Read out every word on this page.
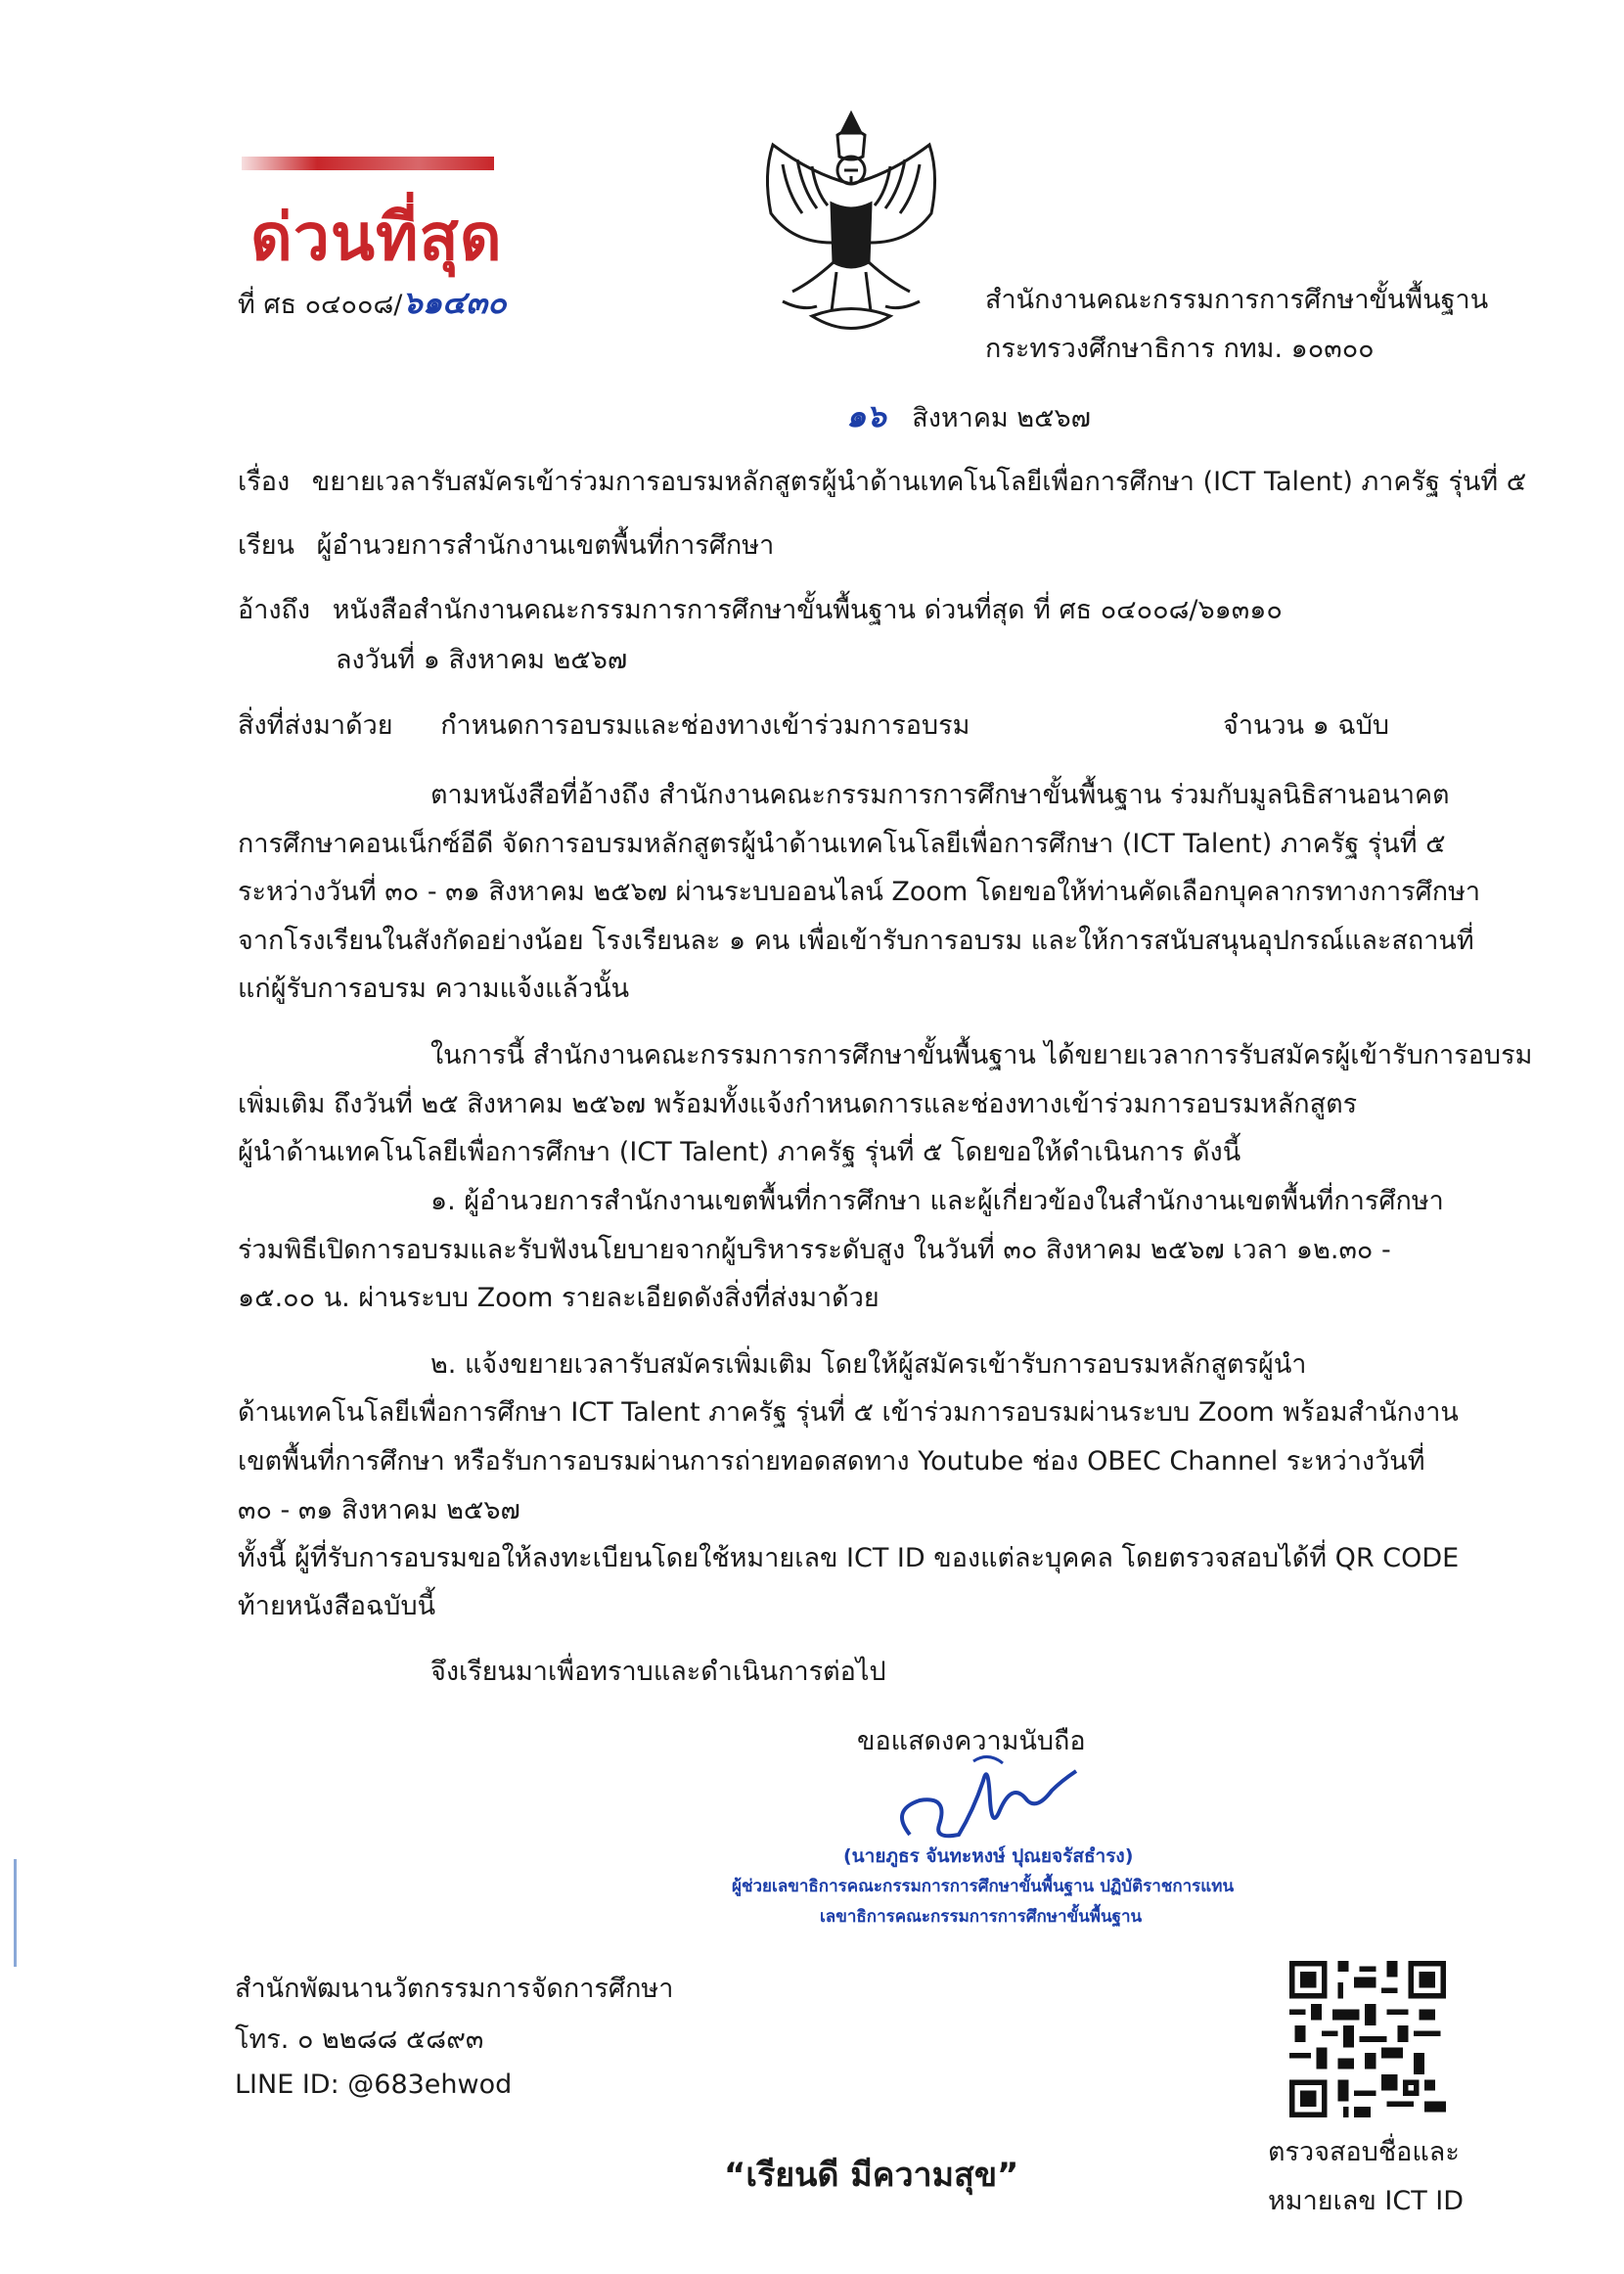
ด่วนที่สุด
ที่ ศธ ๐๔๐๐๘/๖๑๔๓๐	สำนักงานคณะกรรมการการศึกษาขั้นพื้นฐาน
กระทรวงศึกษาธิการ กทม. ๑๐๓๐๐
๑๖ สิงหาคม ๒๕๖๗
เรื่อง ขยายเวลารับสมัครเข้าร่วมการอบรมหลักสูตรผู้นำด้านเทคโนโลยีเพื่อการศึกษา (ICT Talent) ภาครัฐ รุ่นที่ ๕
เรียน ผู้อำนวยการสำนักงานเขตพื้นที่การศึกษา
อ้างถึง หนังสือสำนักงานคณะกรรมการการศึกษาขั้นพื้นฐาน ด่วนที่สุด ที่ ศธ ๐๔๐๐๘/๖๑๓๑๐
ลงวันที่ ๑ สิงหาคม ๒๕๖๗
สิ่งที่ส่งมาด้วย กำหนดการอบรมและช่องทางเข้าร่วมการอบรม	จำนวน ๑ ฉบับ
ตามหนังสือที่อ้างถึง สำนักงานคณะกรรมการการศึกษาขั้นพื้นฐาน ร่วมกับมูลนิธิสานอนาคต
การศึกษาคอนเน็กซ์อีดี จัดการอบรมหลักสูตรผู้นำด้านเทคโนโลยีเพื่อการศึกษา (ICT Talent) ภาครัฐ รุ่นที่ ๕
ระหว่างวันที่ ๓๐ - ๓๑ สิงหาคม ๒๕๖๗ ผ่านระบบออนไลน์ Zoom โดยขอให้ท่านคัดเลือกบุคลากรทางการศึกษา
จากโรงเรียนในสังกัดอย่างน้อย โรงเรียนละ ๑ คน เพื่อเข้ารับการอบรม และให้การสนับสนุนอุปกรณ์และสถานที่
แก่ผู้รับการอบรม ความแจ้งแล้วนั้น
ในการนี้ สำนักงานคณะกรรมการการศึกษาขั้นพื้นฐาน ได้ขยายเวลาการรับสมัครผู้เข้ารับการอบรม
เพิ่มเติม ถึงวันที่ ๒๕ สิงหาคม ๒๕๖๗ พร้อมทั้งแจ้งกำหนดการและช่องทางเข้าร่วมการอบรมหลักสูตร
ผู้นำด้านเทคโนโลยีเพื่อการศึกษา (ICT Talent) ภาครัฐ รุ่นที่ ๕ โดยขอให้ดำเนินการ ดังนี้
๑. ผู้อำนวยการสำนักงานเขตพื้นที่การศึกษา และผู้เกี่ยวข้องในสำนักงานเขตพื้นที่การศึกษา
ร่วมพิธีเปิดการอบรมและรับฟังนโยบายจากผู้บริหารระดับสูง ในวันที่ ๓๐ สิงหาคม ๒๕๖๗ เวลา ๑๒.๓๐ -
๑๕.๐๐ น. ผ่านระบบ Zoom รายละเอียดดังสิ่งที่ส่งมาด้วย
๒. แจ้งขยายเวลารับสมัครเพิ่มเติม โดยให้ผู้สมัครเข้ารับการอบรมหลักสูตรผู้นำ
ด้านเทคโนโลยีเพื่อการศึกษา ICT Talent ภาครัฐ รุ่นที่ ๕ เข้าร่วมการอบรมผ่านระบบ Zoom พร้อมสำนักงาน
เขตพื้นที่การศึกษา หรือรับการอบรมผ่านการถ่ายทอดสดทาง Youtube ช่อง OBEC Channel ระหว่างวันที่
๓๐ - ๓๑ สิงหาคม ๒๕๖๗
ทั้งนี้ ผู้ที่รับการอบรมขอให้ลงทะเบียนโดยใช้หมายเลข ICT ID ของแต่ละบุคคล โดยตรวจสอบได้ที่ QR CODE
ท้ายหนังสือฉบับนี้
จึงเรียนมาเพื่อทราบและดำเนินการต่อไป
ขอแสดงความนับถือ
(นายภูธร จันทะหงษ์ ปุณยจรัสธำรง)
ผู้ช่วยเลขาธิการคณะกรรมการการศึกษาขั้นพื้นฐาน ปฏิบัติราชการแทน
เลขาธิการคณะกรรมการการศึกษาขั้นพื้นฐาน
สำนักพัฒนานวัตกรรมการจัดการศึกษา
โทร. ๐ ๒๒๘๘ ๕๘๙๓
LINE ID: @683ehwod
ตรวจสอบชื่อและ
หมายเลข ICT ID
“เรียนดี มีความสุข”
